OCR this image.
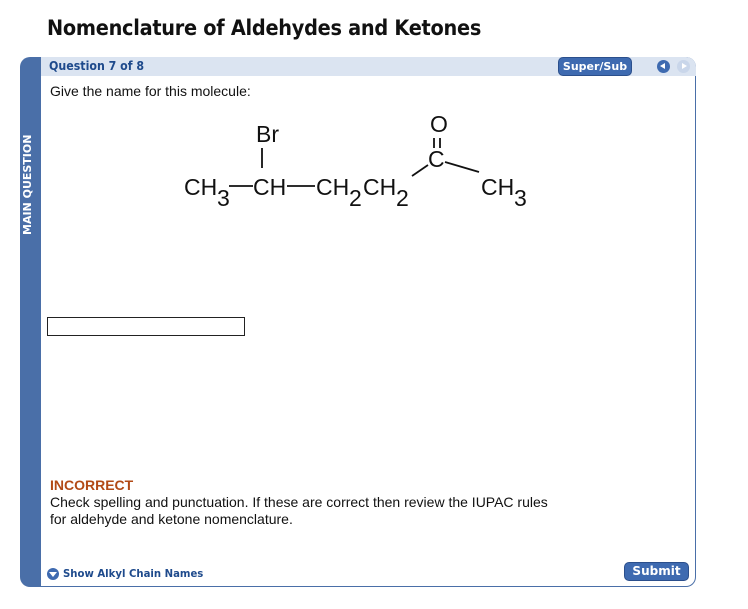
Nomenclature of Aldehydes and Ketones
MAIN QUESTION
Question 7 of 8	Super/Sub
Give the name for this molecule:
Br	O
C
CH 3 CH CH 2 CH 2	CH 3
INCORRECT
Check spelling and punctuation. If these are correct then review the IUPAC rules for aldehyde and ketone nomenclature.
Show Alkyl Chain Names	Submit
